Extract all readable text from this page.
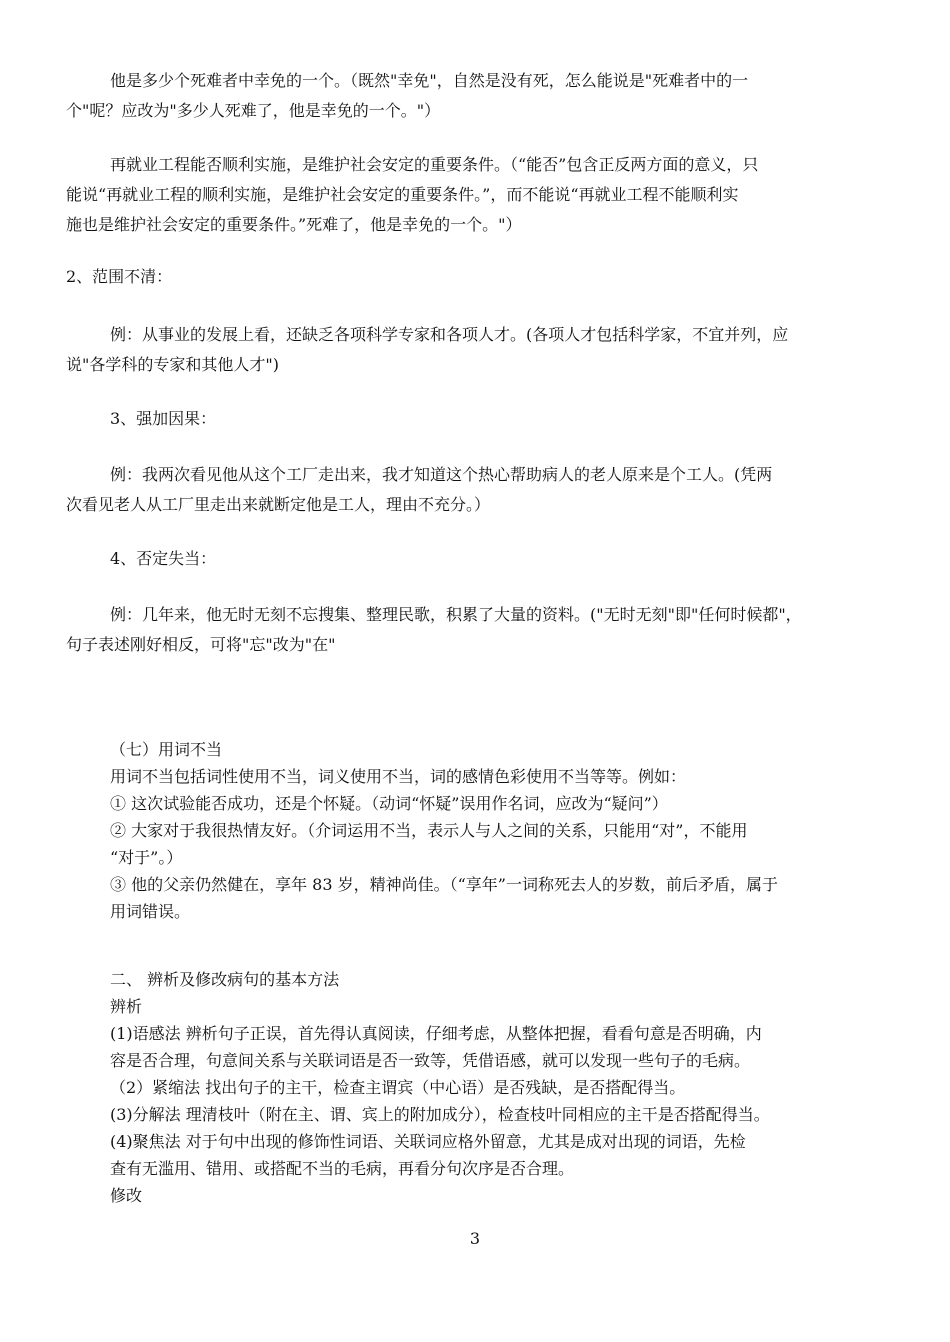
他是多少个死难者中幸免的一个。（既然"幸免"，自然是没有死，怎么能说是"死难者中的一
个"呢？应改为"多少人死难了，他是幸免的一个。"）
再就业工程能否顺利实施，是维护社会安定的重要条件。（“能否”包含正反两方面的意义，只
能说“再就业工程的顺利实施，是维护社会安定的重要条件。”，而不能说“再就业工程不能顺利实
施也是维护社会安定的重要条件。”死难了，他是幸免的一个。"）
2、范围不清：
例：从事业的发展上看，还缺乏各项科学专家和各项人才。(各项人才包括科学家，不宜并列，应
说"各学科的专家和其他人才")
3、强加因果：
例：我两次看见他从这个工厂走出来，我才知道这个热心帮助病人的老人原来是个工人。(凭两
次看见老人从工厂里走出来就断定他是工人，理由不充分。）
4、否定失当：
例：几年来，他无时无刻不忘搜集、整理民歌，积累了大量的资料。("无时无刻"即"任何时候都"，
句子表述刚好相反，可将"忘"改为"在"
（七）用词不当
用词不当包括词性使用不当，词义使用不当，词的感情色彩使用不当等等。例如：
① 这次试验能否成功，还是个怀疑。（动词“怀疑”误用作名词，应改为“疑问”）
② 大家对于我很热情友好。（介词运用不当，表示人与人之间的关系，只能用“对”，不能用
“对于”。）
③ 他的父亲仍然健在，享年 83 岁，精神尚佳。（“享年”一词称死去人的岁数，前后矛盾，属于
用词错误。
二、 辨析及修改病句的基本方法
辨析
(1)语感法 辨析句子正误，首先得认真阅读，仔细考虑，从整体把握，看看句意是否明确，内
容是否合理，句意间关系与关联词语是否一致等，凭借语感，就可以发现一些句子的毛病。
（2）紧缩法 找出句子的主干，检查主谓宾（中心语）是否残缺，是否搭配得当。
(3)分解法 理清枝叶（附在主、谓、宾上的附加成分），检查枝叶同相应的主干是否搭配得当。
(4)聚焦法 对于句中出现的修饰性词语、关联词应格外留意，尤其是成对出现的词语，先检
查有无滥用、错用、或搭配不当的毛病，再看分句次序是否合理。
修改
3
